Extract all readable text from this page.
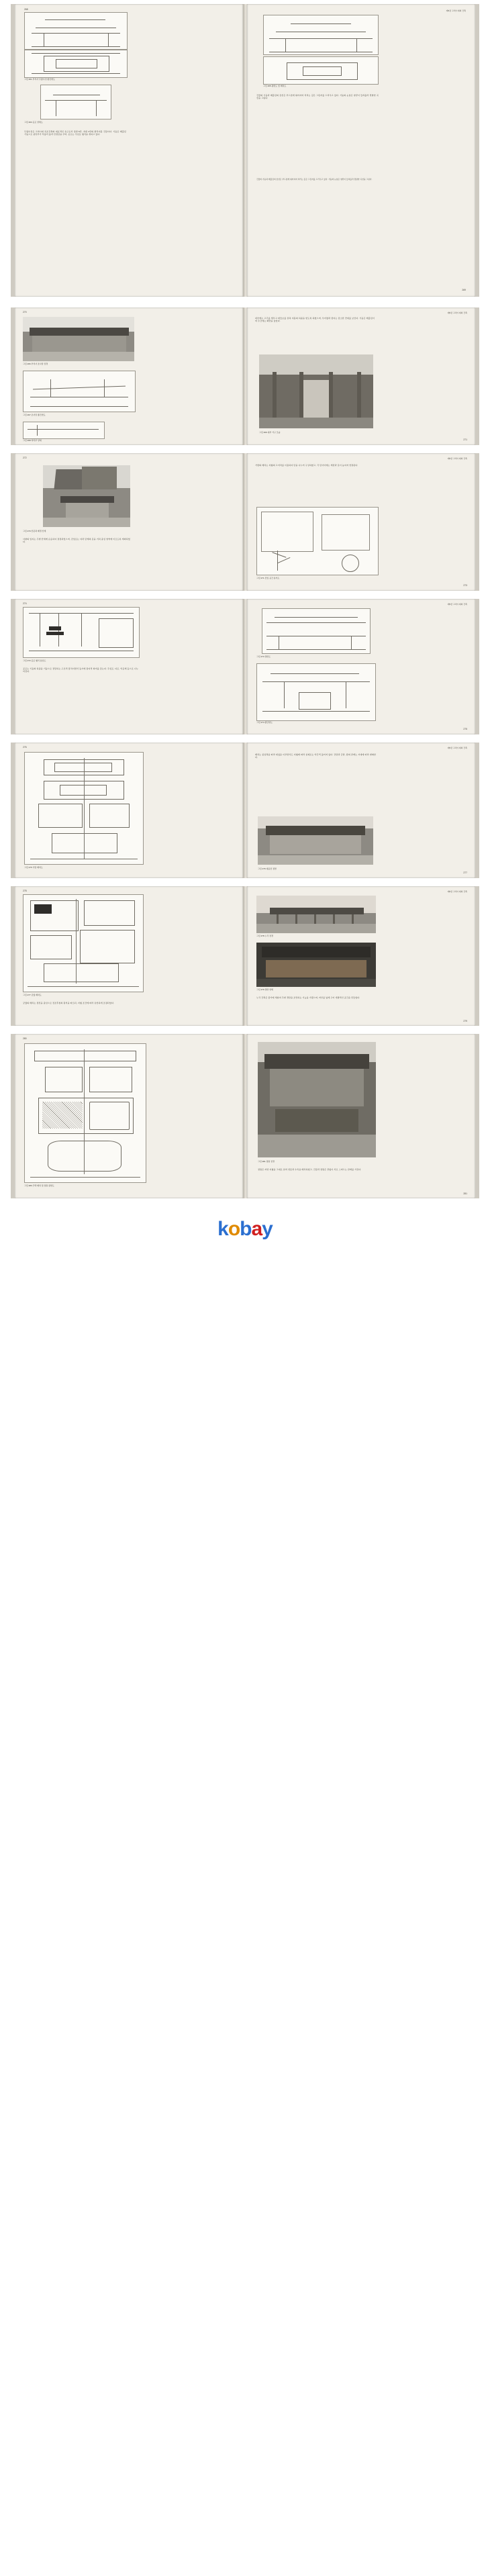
그림 261 부석사 무량수전 종단면도
그림 263 공포 상세도
무량수전은 고려시대 목조건축의 대표적인 유구로서 정면 5칸, 측면 3칸의 팔작지붕 건물이다. 기둥은 배흘림기둥으로 중앙부가 부풀어 올라 안정감을 주며, 공포는 주심포 형식을 취하고 있다.
268	제5장 고려시대의 건축
그림 265 평면도 및 배치도
건물의 기둥과 배흘림의 곱선은 부드럽게 휘어지며 처리는 깊은 그림자를 드리우고 있다. 기둥의 눈섭은 양끝이 들려올라 경쿨한 곡선을 그린다.
건물의 기둥과 배흘림의 곱선은 부드럽게 휘어지며 처리는 깊은 그림자를 드리우고 있다. 기둥의 눈섭은 양끝이 들려올라 경쿨한 곡선을 그린다.
269
270
그림 266 부석사 조사당 전경
그림 267 조사당 종단면도
그림 268 처리부 상세
제5장 고려시대의 건축
내부에는 고주를 세우고 대들보를 걸쳐 지붕의 하중을 받도록 하였으며, 우미량과 장여는 검소한 견새를 보인다. 기둥은 배흘림이며 주간에는 화반을 놓았다.
그림 269 내부 가구 모습
271
272
그림 270 산문과 배경 산세
사찰의 입지는 주변 산세에 순응하여 결정되었으며, 진입로는 여러 단계의 문을 거쳐 중심 영역에 이르도록 계획되었다.
제5장 고려시대의 건축
가람의 배치는 지형의 고저차를 이용하여 단을 나누어 구성하였고, 각 단사이에는 계단과 문이 높여져 연결된다.
그림 271 진입 공간 분석도
273
274
그림 272 공포 형식 분류도
공포는 기둥의 하중을 기둥으로 전달하는 구조적 장치이면서 동시에 장여적 의미를 갖는다. 주심포, 다포, 익공계 등으로 나누어진다.
제5장 고려시대의 건축
그림 273 정면도
그림 274 종단면도
275
276
그림 275 가람 배치도
제5장 고려시대의 건축
배치는 중심축을 따라 대칭을 이루면서도 지형에 따라 실제로는 약간씩 틀어져 있다. 강당과 금당, 탑의 관계는 시대에 따라 변화한다.
그림 276 대웅전 정면
277
278
그림 277 궁궐 배치도
궁궐의 배치는 정전을 중심으로 전조후침의 원칙을 따르되, 지형 조건에 따라 유연하게 조정되었다.
제5장 고려시대의 건축
그림 278 누각 전경
그림 279 정면 상세
누각 건축은 물가에 세워져 주변 경관을 조망하는 기능을 가졌으며, 마루를 넓게 두어 개방적인 공간을 만들었다.
279
280
그림 280 주택 배치 및 정원 평면도
그림 281 정원 전경
정원은 자연 지형을 그대로 살려 연못과 수목을 배치하였고, 건물과 정원은 끝없이 서로 스며드는 관계를 가진다.
281
kobay
